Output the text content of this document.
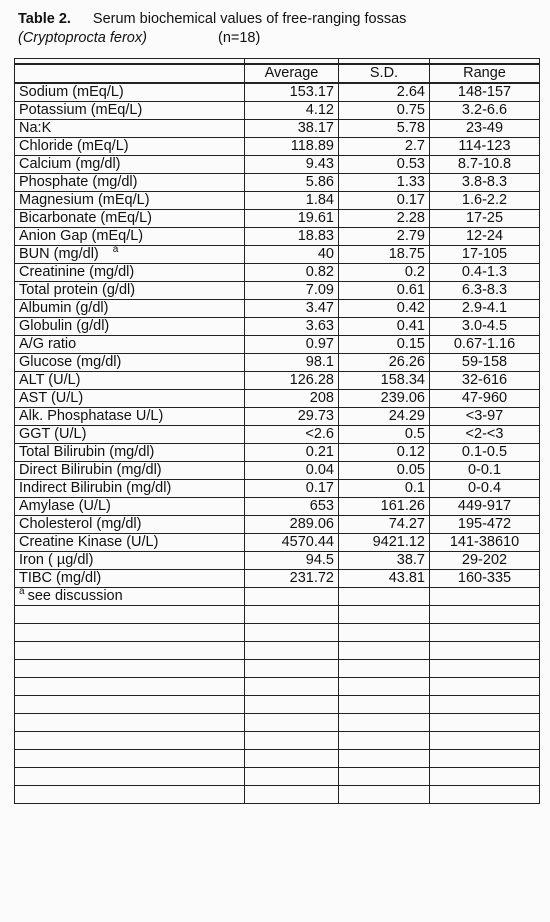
Table 2. Serum biochemical values of free-ranging fossas
(Cryptoprocta ferox)	(n=18)

	Average	S.D.	Range
Sodium (mEq/L)	153.17	2.64	148-157
Potassium (mEq/L)	4.12	0.75	3.2-6.6
Na:K	38.17	5.78	23-49
Chloride (mEq/L)	118.89	2.7	114-123
Calcium (mg/dl)	9.43	0.53	8.7-10.8
Phosphate (mg/dl)	5.86	1.33	3.8-8.3
Magnesium (mEq/L)	1.84	0.17	1.6-2.2
Bicarbonate (mEq/L)	19.61	2.28	17-25
Anion Gap (mEq/L)	18.83	2.79	12-24
BUN (mg/dl) $^a$	40	18.75	17-105
Creatinine (mg/dl)	0.82	0.2	0.4-1.3
Total protein (g/dl)	7.09	0.61	6.3-8.3
Albumin (g/dl)	3.47	0.42	2.9-4.1
Globulin (g/dl)	3.63	0.41	3.0-4.5
A/G ratio	0.97	0.15	0.67-1.16
Glucose (mg/dl)	98.1	26.26	59-158
ALT (U/L)	126.28	158.34	32-616
AST (U/L)	208	239.06	47-960
Alk. Phosphatase U/L)	29.73	24.29	<3-97
GGT (U/L)	<2.6	0.5	<2-<3
Total Bilirubin (mg/dl)	0.21	0.12	0.1-0.5
Direct Bilirubin (mg/dl)	0.04	0.05	0-0.1
Indirect Bilirubin (mg/dl)	0.17	0.1	0-0.4
Amylase (U/L)	653	161.26	449-917
Cholesterol (mg/dl)	289.06	74.27	195-472
Creatine Kinase (U/L)	4570.44	9421.12	141-38610
Iron ( µg/dl)	94.5	38.7	29-202
TIBC (mg/dl)	231.72	43.81	160-335
$^a$ see discussion			
